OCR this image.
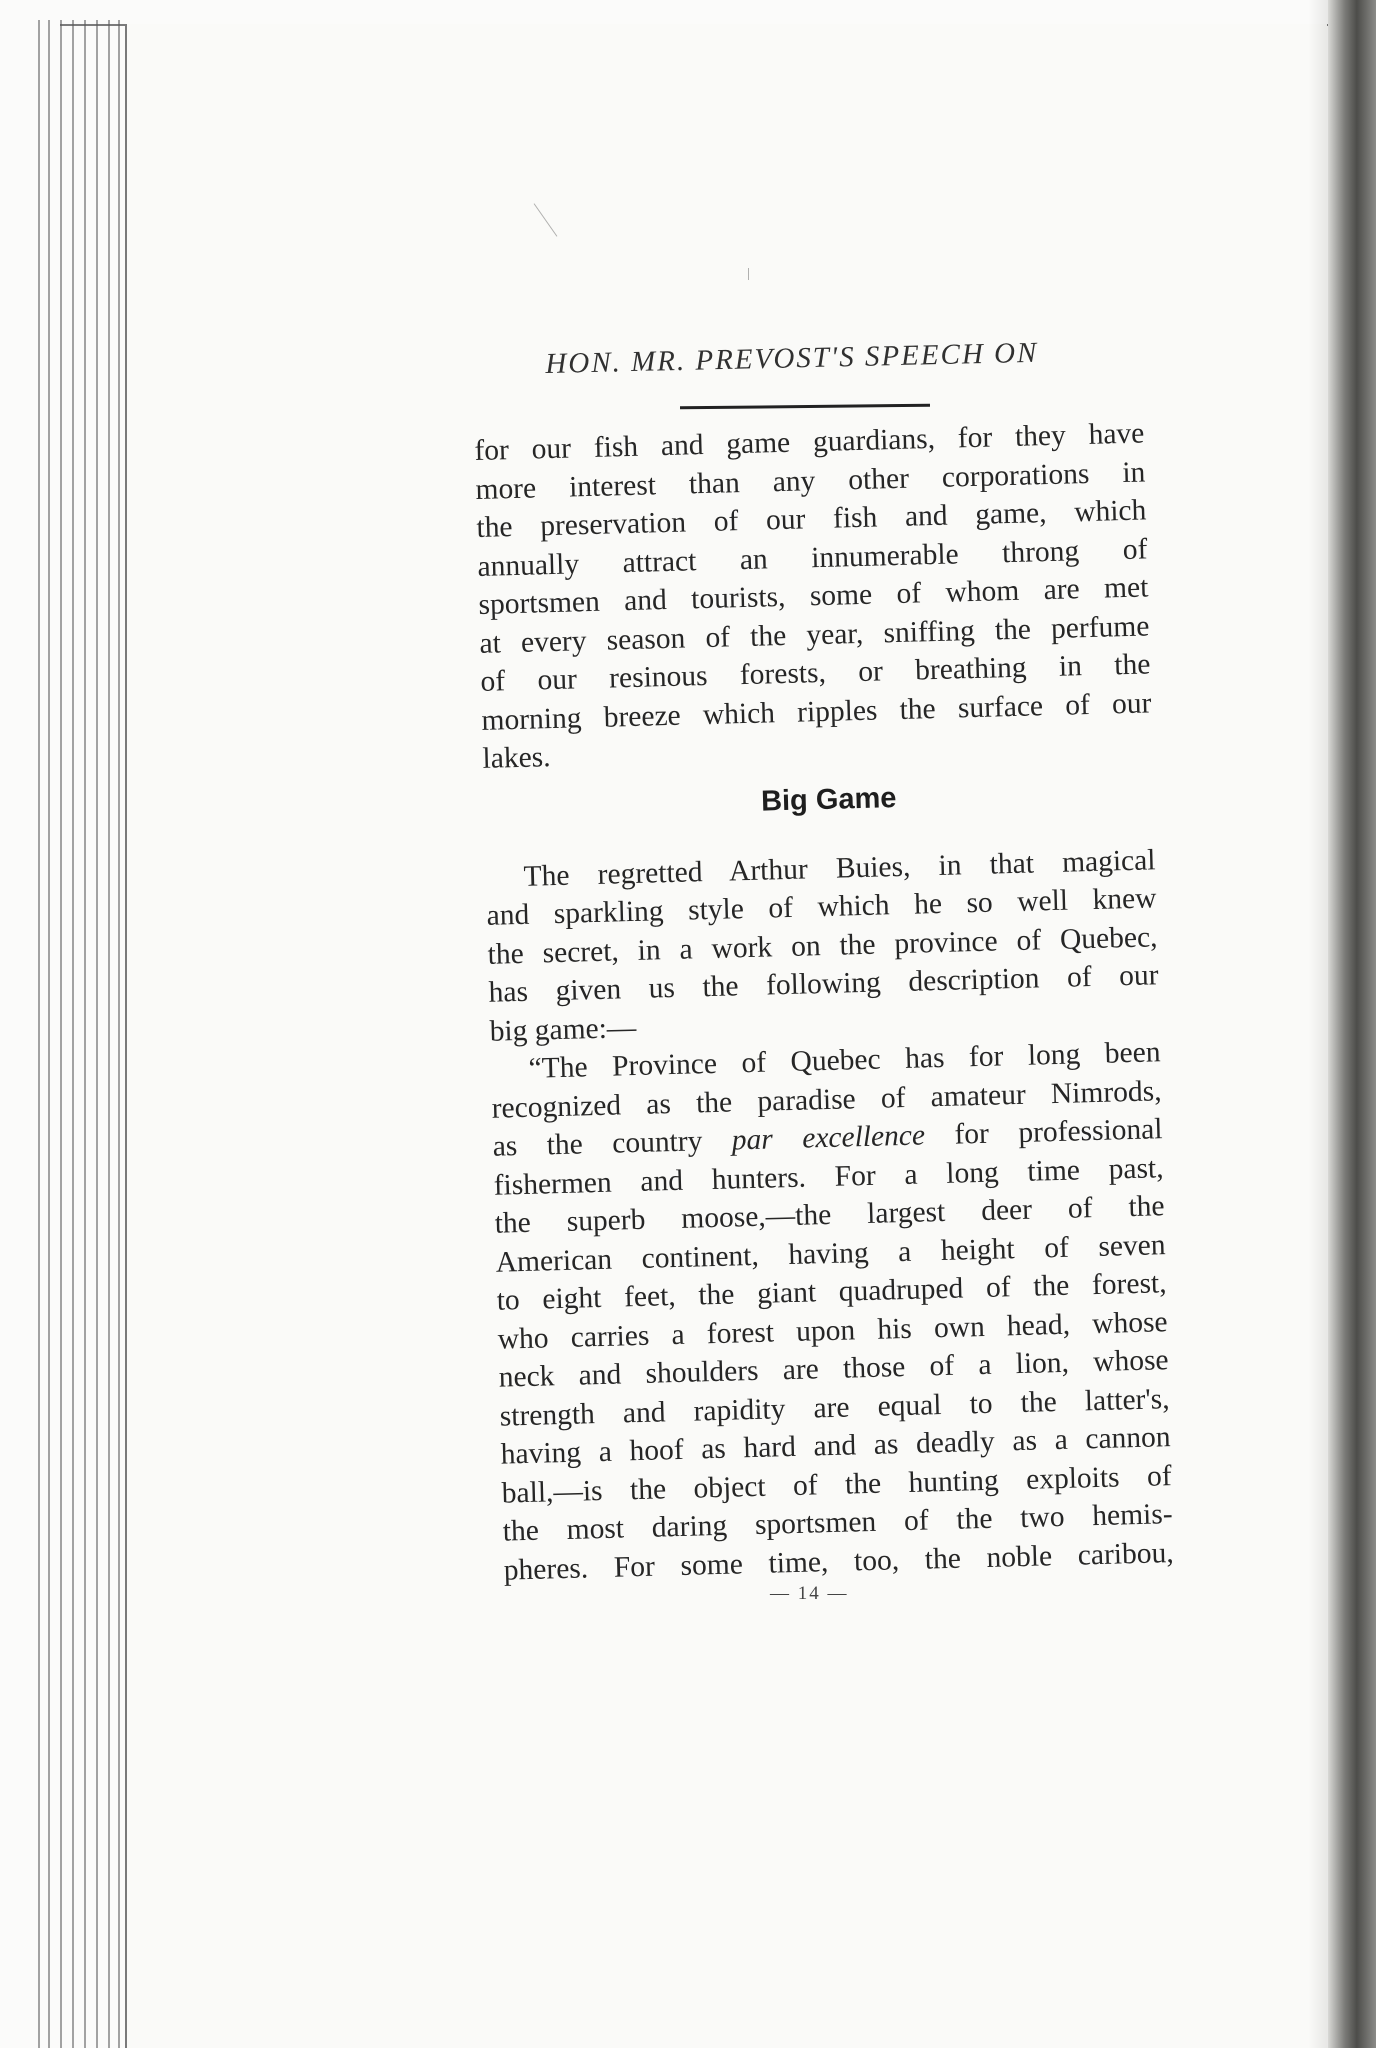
HON. MR. PREVOST'S SPEECH ON
for our fish and game guardians, for they have
more interest than any other corporations in
the preservation of our fish and game, which
annually attract an innumerable throng of
sportsmen and tourists, some of whom are met
at every season of the year, sniffing the perfume
of our resinous forests, or breathing in the
morning breeze which ripples the surface of our
lakes.
Big Game
The regretted Arthur Buies, in that magical
and sparkling style of which he so well knew
the secret, in a work on the province of Quebec,
has given us the following description of our
big game:—
“The Province of Quebec has for long been
recognized as the paradise of amateur Nimrods,
as the country par excellence for professional
fishermen and hunters. For a long time past,
the superb moose,—the largest deer of the
American continent, having a height of seven
to eight feet, the giant quadruped of the forest,
who carries a forest upon his own head, whose
neck and shoulders are those of a lion, whose
strength and rapidity are equal to the latter's,
having a hoof as hard and as deadly as a cannon
ball,—is the object of the hunting exploits of
the most daring sportsmen of the two hemis-
pheres. For some time, too, the noble caribou,
— 14 —
